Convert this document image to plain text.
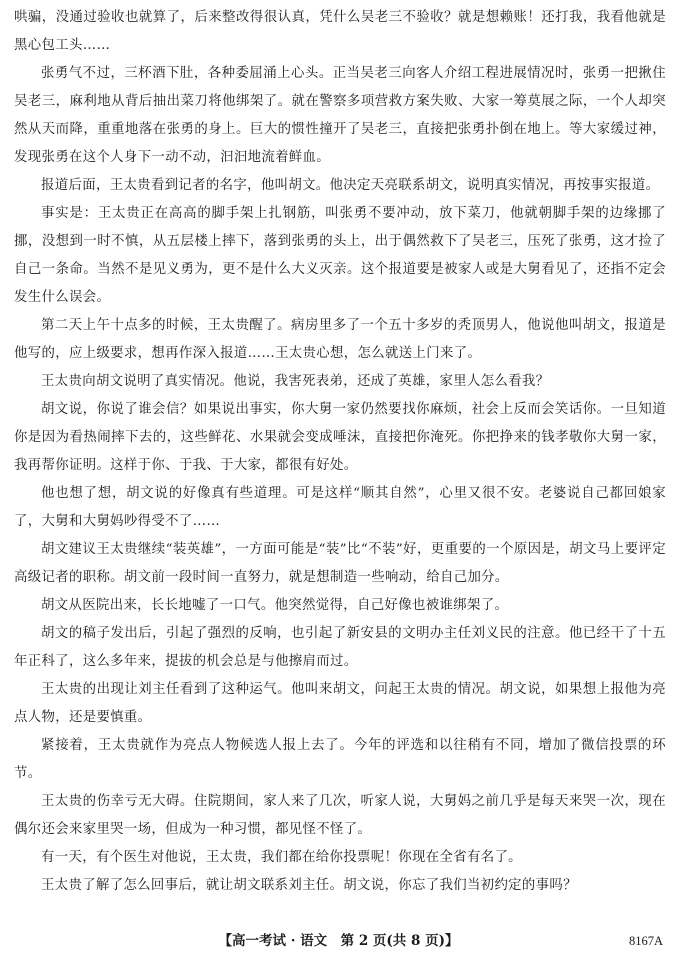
哄骗，没通过验收也就算了，后来整改得很认真，凭什么吴老三不验收？就是想赖账！还打我，我看他就是黑心包工头……

张勇气不过，三杯酒下肚，各种委屈涌上心头。正当吴老三向客人介绍工程进展情况时，张勇一把揪住吴老三，麻利地从背后抽出菜刀将他绑架了。就在警察多项营救方案失败、大家一筹莫展之际，一个人却突然从天而降，重重地落在张勇的身上。巨大的惯性撞开了吴老三，直接把张勇扑倒在地上。等大家缓过神，发现张勇在这个人身下一动不动，汩汩地流着鲜血。

报道后面，王太贵看到记者的名字，他叫胡文。他决定天亮联系胡文，说明真实情况，再按事实报道。

事实是：王太贵正在高高的脚手架上扎钢筋，叫张勇不要冲动，放下菜刀，他就朝脚手架的边缘挪了挪，没想到一时不慎，从五层楼上摔下，落到张勇的头上，出于偶然救下了吴老三，压死了张勇，这才捡了自己一条命。当然不是见义勇为，更不是什么大义灭亲。这个报道要是被家人或是大舅看见了，还指不定会发生什么误会。

第二天上午十点多的时候，王太贵醒了。病房里多了一个五十多岁的秃顶男人，他说他叫胡文，报道是他写的，应上级要求，想再作深入报道……王太贵心想，怎么就送上门来了。

王太贵向胡文说明了真实情况。他说，我害死表弟，还成了英雄，家里人怎么看我？

胡文说，你说了谁会信？如果说出事实，你大舅一家仍然要找你麻烦，社会上反而会笑话你。一旦知道你是因为看热闹摔下去的，这些鲜花、水果就会变成唾沫，直接把你淹死。你把挣来的钱孝敬你大舅一家，我再帮你证明。这样于你、于我、于大家，都很有好处。

他也想了想，胡文说的好像真有些道理。可是这样“顺其自然”，心里又很不安。老婆说自己都回娘家了，大舅和大舅妈吵得受不了……

胡文建议王太贵继续“装英雄”，一方面可能是“装”比“不装”好，更重要的一个原因是，胡文马上要评定高级记者的职称。胡文前一段时间一直努力，就是想制造一些响动，给自己加分。

胡文从医院出来，长长地嘘了一口气。他突然觉得，自己好像也被谁绑架了。

胡文的稿子发出后，引起了强烈的反响，也引起了新安县的文明办主任刘义民的注意。他已经干了十五年正科了，这么多年来，提拔的机会总是与他擦肩而过。

王太贵的出现让刘主任看到了这种运气。他叫来胡文，问起王太贵的情况。胡文说，如果想上报他为亮点人物，还是要慎重。

紧接着，王太贵就作为亮点人物候选人报上去了。今年的评选和以往稍有不同，增加了微信投票的环节。

王太贵的伤幸亏无大碍。住院期间，家人来了几次，听家人说，大舅妈之前几乎是每天来哭一次，现在偶尔还会来家里哭一场，但成为一种习惯，都见怪不怪了。

有一天，有个医生对他说，王太贵，我们都在给你投票呢！你现在全省有名了。

王太贵了解了怎么回事后，就让胡文联系刘主任。胡文说，你忘了我们当初约定的事吗？

【高一考试 · 语文　第 2 页(共 8 页)】	8167A
